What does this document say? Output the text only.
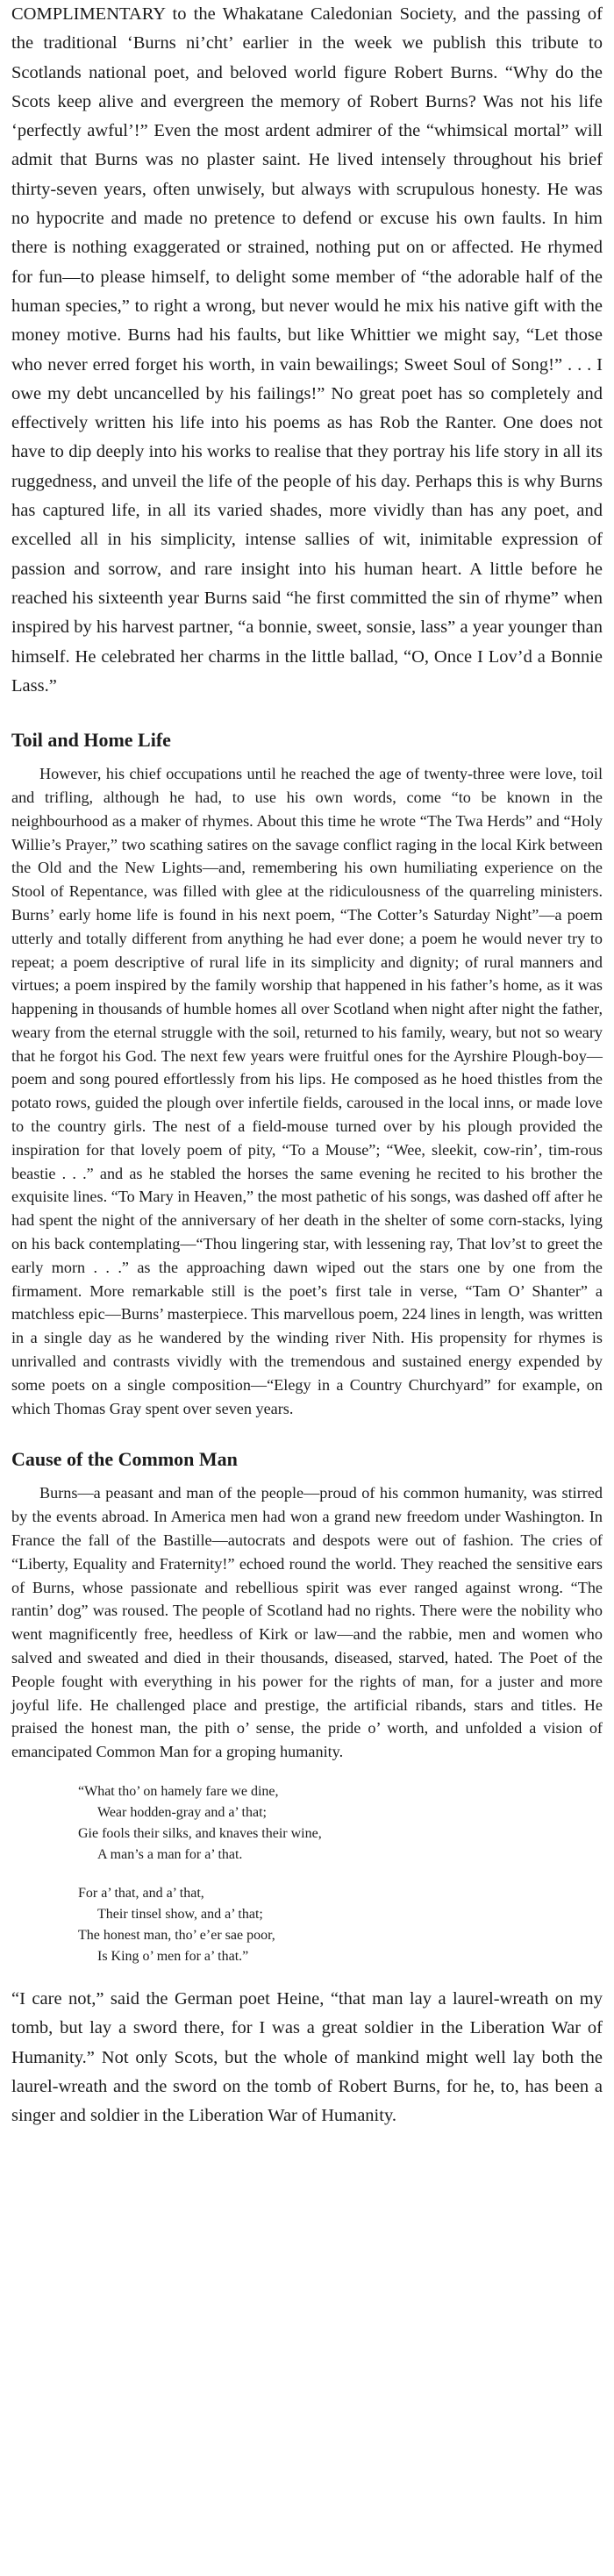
COMPLIMENTARY to the Whakatane Caledonian Society, and the passing of the traditional ‘Burns ni’cht’ earlier in the week we publish this tribute to Scotlands national poet, and beloved world figure Robert Burns. “Why do the Scots keep alive and evergreen the memory of Robert Burns? Was not his life ‘perfectly awful’!” Even the most ardent admirer of the “whimsical mortal” will admit that Burns was no plaster saint. He lived intensely throughout his brief thirty-seven years, often unwisely, but always with scrupulous honesty. He was no hypocrite and made no pretence to defend or excuse his own faults. In him there is nothing exaggerated or strained, nothing put on or affected. He rhymed for fun—to please himself, to delight some member of “the adorable half of the human species,” to right a wrong, but never would he mix his native gift with the money motive. Burns had his faults, but like Whittier we might say, “Let those who never erred forget his worth, in vain bewailings; Sweet Soul of Song!” . . . I owe my debt uncancelled by his failings!” No great poet has so completely and effectively written his life into his poems as has Rob the Ranter. One does not have to dip deeply into his works to realise that they portray his life story in all its ruggedness, and unveil the life of the people of his day. Perhaps this is why Burns has captured life, in all its varied shades, more vividly than has any poet, and excelled all in his simplicity, intense sallies of wit, inimitable expression of passion and sorrow, and rare insight into his human heart. A little before he reached his sixteenth year Burns said “he first committed the sin of rhyme” when inspired by his harvest partner, “a bonnie, sweet, sonsie, lass” a year younger than himself. He celebrated her charms in the little ballad, “O, Once I Lov’d a Bonnie Lass.”

Toil and Home Life

However, his chief occupations until he reached the age of twenty-three were love, toil and trifling, although he had, to use his own words, come “to be known in the neighbourhood as a maker of rhymes. About this time he wrote “The Twa Herds” and “Holy Willie’s Prayer,” two scathing satires on the savage conflict raging in the local Kirk between the Old and the New Lights—and, remembering his own humiliating experience on the Stool of Repentance, was filled with glee at the ridiculousness of the quarreling ministers. Burns’ early home life is found in his next poem, “The Cotter’s Saturday Night”—a poem utterly and totally different from anything he had ever done; a poem he would never try to repeat; a poem descriptive of rural life in its simplicity and dignity; of rural manners and virtues; a poem inspired by the family worship that happened in his father’s home, as it was happening in thousands of humble homes all over Scotland when night after night the father, weary from the eternal struggle with the soil, returned to his family, weary, but not so weary that he forgot his God. The next few years were fruitful ones for the Ayrshire Plough-boy—poem and song poured effortlessly from his lips. He composed as he hoed thistles from the potato rows, guided the plough over infertile fields, caroused in the local inns, or made love to the country girls. The nest of a field-mouse turned over by his plough provided the inspiration for that lovely poem of pity, “To a Mouse”; “Wee, sleekit, cow-rin’, tim-rous beastie . . .” and as he stabled the horses the same evening he recited to his brother the exquisite lines. “To Mary in Heaven,” the most pathetic of his songs, was dashed off after he had spent the night of the anniversary of her death in the shelter of some corn-stacks, lying on his back contemplating—“Thou lingering star, with lessening ray, That lov’st to greet the early morn . . .” as the approaching dawn wiped out the stars one by one from the firmament. More remarkable still is the poet’s first tale in verse, “Tam O’ Shanter” a matchless epic—Burns’ masterpiece. This marvellous poem, 224 lines in length, was written in a single day as he wandered by the winding river Nith. His propensity for rhymes is unrivalled and contrasts vividly with the tremendous and sustained energy expended by some poets on a single composition—“Elegy in a Country Churchyard” for example, on which Thomas Gray spent over seven years.

Cause of the Common Man

Burns—a peasant and man of the people—proud of his common humanity, was stirred by the events abroad. In America men had won a grand new freedom under Washington. In France the fall of the Bastille—autocrats and despots were out of fashion. The cries of “Liberty, Equality and Fraternity!” echoed round the world. They reached the sensitive ears of Burns, whose passionate and rebellious spirit was ever ranged against wrong. “The rantin’ dog” was roused. The people of Scotland had no rights. There were the nobility who went magnificently free, heedless of Kirk or law—and the rabbie, men and women who salved and sweated and died in their thousands, diseased, starved, hated. The Poet of the People fought with everything in his power for the rights of man, for a juster and more joyful life. He challenged place and prestige, the artificial ribands, stars and titles. He praised the honest man, the pith o’ sense, the pride o’ worth, and unfolded a vision of emancipated Common Man for a groping humanity.

“What tho’ on hamely fare we dine,
Wear hodden-gray and a’ that;
Gie fools their silks, and knaves their wine,
A man’s a man for a’ that.
For a’ that, and a’ that,
Their tinsel show, and a’ that;
The honest man, tho’ e’er sae poor,
Is King o’ men for a’ that.”

“I care not,” said the German poet Heine, “that man lay a laurel-wreath on my tomb, but lay a sword there, for I was a great soldier in the Liberation War of Humanity.” Not only Scots, but the whole of mankind might well lay both the laurel-wreath and the sword on the tomb of Robert Burns, for he, to, has been a singer and soldier in the Liberation War of Humanity.
